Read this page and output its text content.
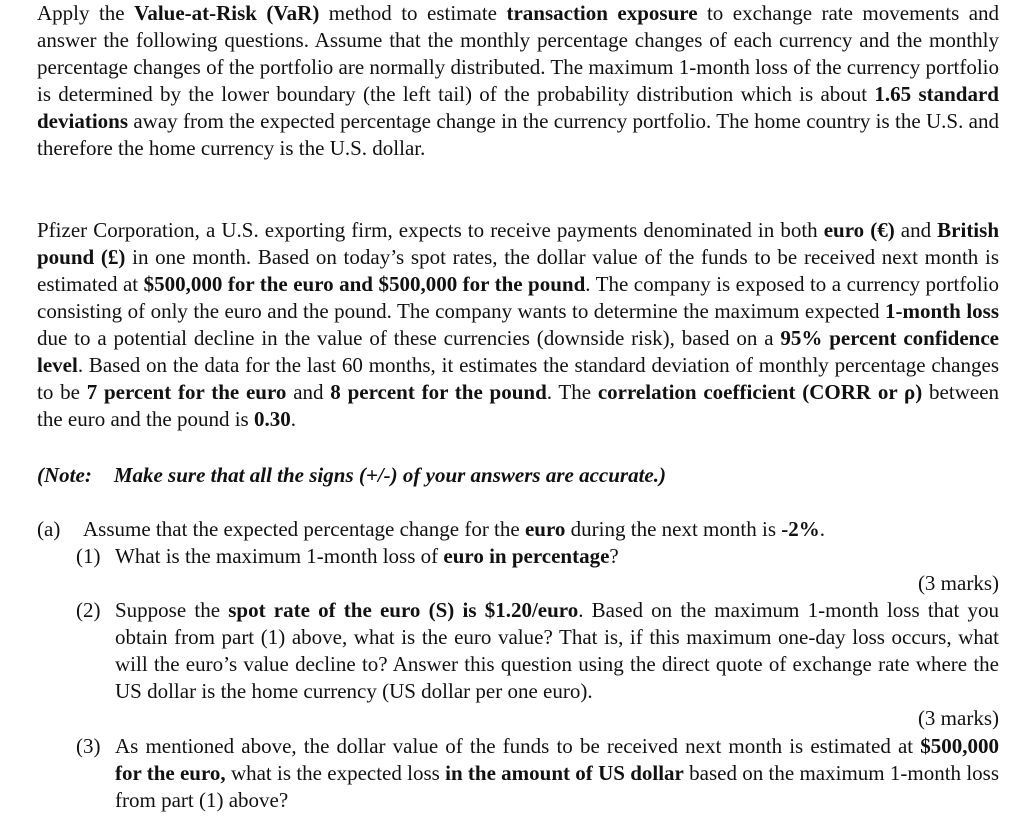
Apply the Value-at-Risk (VaR) method to estimate transaction exposure to exchange rate movements and answer the following questions. Assume that the monthly percentage changes of each currency and the monthly percentage changes of the portfolio are normally distributed. The maximum 1-month loss of the currency portfolio is determined by the lower boundary (the left tail) of the probability distribution which is about 1.65 standard deviations away from the expected percentage change in the currency portfolio. The home country is the U.S. and therefore the home currency is the U.S. dollar.

Pfizer Corporation, a U.S. exporting firm, expects to receive payments denominated in both euro (€) and British pound (£) in one month. Based on today’s spot rates, the dollar value of the funds to be received next month is estimated at $500,000 for the euro and $500,000 for the pound. The company is exposed to a currency portfolio consisting of only the euro and the pound. The company wants to determine the maximum expected 1-month loss due to a potential decline in the value of these currencies (downside risk), based on a 95% percent confidence level. Based on the data for the last 60 months, it estimates the standard deviation of monthly percentage changes to be 7 percent for the euro and 8 percent for the pound. The correlation coefficient (CORR or ρ) between the euro and the pound is 0.30.

(Note: Make sure that all the signs (+/-) of your answers are accurate.)

(a) Assume that the expected percentage change for the euro during the next month is -2%.

(1) What is the maximum 1-month loss of euro in percentage?

(3 marks)
(2) Suppose the spot rate of the euro (S) is $1.20/euro. Based on the maximum 1-month loss that you obtain from part (1) above, what is the euro value? That is, if this maximum one-day loss occurs, what will the euro’s value decline to? Answer this question using the direct quote of exchange rate where the US dollar is the home currency (US dollar per one euro).

(3 marks)
(3) As mentioned above, the dollar value of the funds to be received next month is estimated at $500,000 for the euro, what is the expected loss in the amount of US dollar based on the maximum 1-month loss from part (1) above?
